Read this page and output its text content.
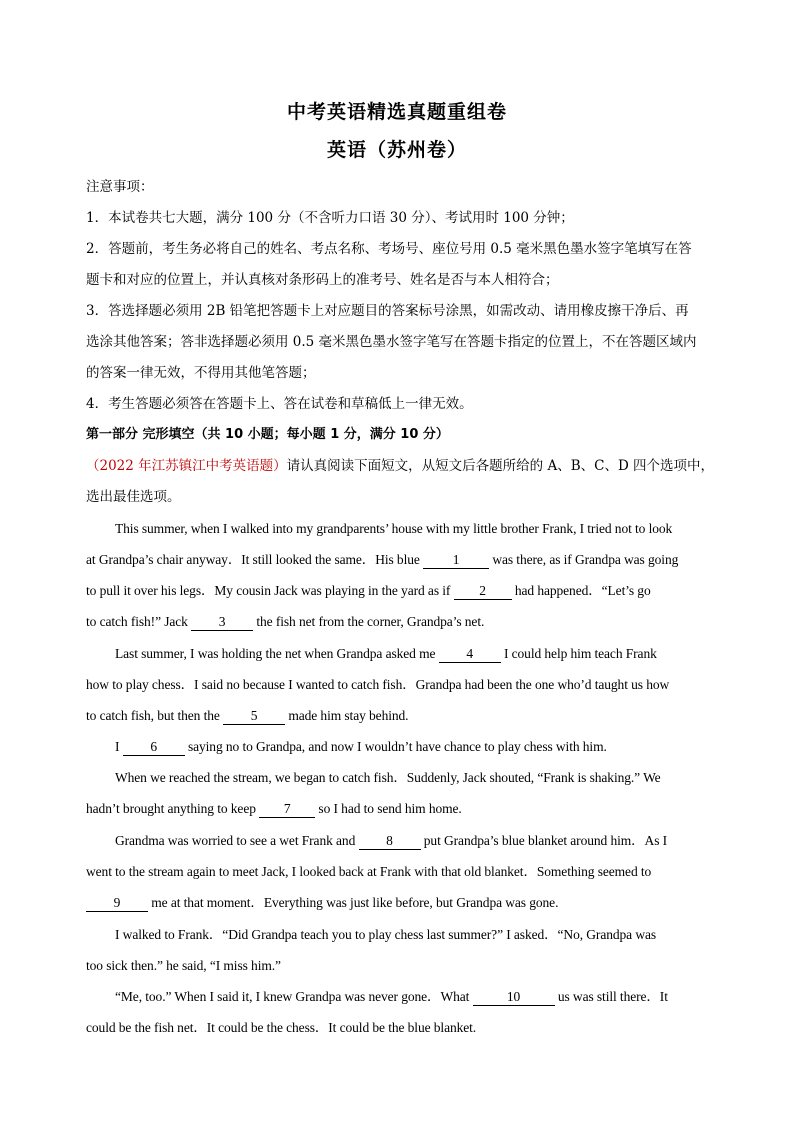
中考英语精选真题重组卷
英语（苏州卷）
注意事项：
1．本试卷共七大题，满分 100 分（不含听力口语 30 分）、考试用时 100 分钟；
2．答题前，考生务必将自己的姓名、考点名称、考场号、座位号用 0.5 毫米黑色墨水签字笔填写在答
题卡和对应的位置上，并认真核对条形码上的准考号、姓名是否与本人相符合；
3．答选择题必须用 2B 铅笔把答题卡上对应题目的答案标号涂黑，如需改动、请用橡皮擦干净后、再
选涂其他答案；答非选择题必须用 0.5 毫米黑色墨水签字笔写在答题卡指定的位置上，不在答题区域内
的答案一律无效，不得用其他笔答题；
4．考生答题必须答在答题卡上、答在试卷和草稿低上一律无效。
第一部分 完形填空（共 10 小题；每小题 1 分，满分 10 分）
（2022 年江苏镇江中考英语题）请认真阅读下面短文，从短文后各题所给的 A、B、C、D 四个选项中，
选出最佳选项。
This summer, when I walked into my grandparents’ house with my little brother Frank, I tried not to look
at Grandpa’s chair anyway．It still looked the same．His blue 1 was there, as if Grandpa was going
to pull it over his legs．My cousin Jack was playing in the yard as if 2 had happened．“Let’s go
to catch fish!” Jack 3 the fish net from the corner, Grandpa’s net.
Last summer, I was holding the net when Grandpa asked me 4 I could help him teach Frank
how to play chess．I said no because I wanted to catch fish．Grandpa had been the one who’d taught us how
to catch fish, but then the 5 made him stay behind.
I 6 saying no to Grandpa, and now I wouldn’t have chance to play chess with him.
When we reached the stream, we began to catch fish．Suddenly, Jack shouted, “Frank is shaking.” We
hadn’t brought anything to keep 7 so I had to send him home.
Grandma was worried to see a wet Frank and 8 put Grandpa’s blue blanket around him．As I
went to the stream again to meet Jack, I looked back at Frank with that old blanket．Something seemed to
9 me at that moment．Everything was just like before, but Grandpa was gone.
I walked to Frank．“Did Grandpa teach you to play chess last summer?” I asked．“No, Grandpa was
too sick then.” he said, “I miss him.”
“Me, too.” When I said it, I knew Grandpa was never gone．What	10	us was still there．It
could be the fish net．It could be the chess．It could be the blue blanket.
